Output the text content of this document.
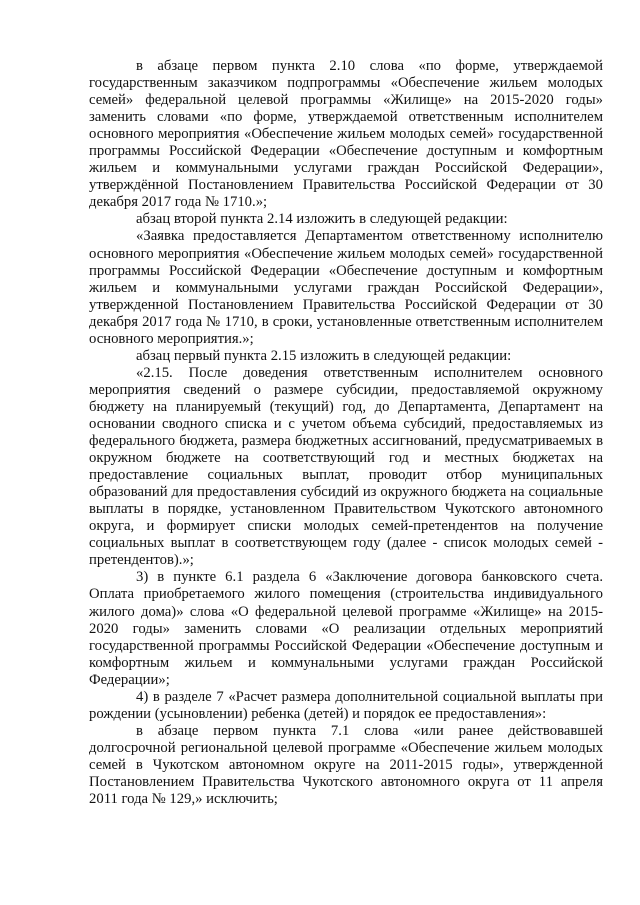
в абзаце первом пункта 2.10 слова «по форме, утверждаемой государственным заказчиком подпрограммы «Обеспечение жильем молодых семей» федеральной целевой программы «Жилище» на 2015-2020 годы» заменить словами «по форме, утверждаемой ответственным исполнителем основного мероприятия «Обеспечение жильем молодых семей» государственной программы Российской Федерации «Обеспечение доступным и комфортным жильем и коммунальными услугами граждан Российской Федерации», утверждённой Постановлением Правительства Российской Федерации от 30 декабря 2017 года № 1710.»;

абзац второй пункта 2.14 изложить в следующей редакции:

«Заявка предоставляется Департаментом ответственному исполнителю основного мероприятия «Обеспечение жильем молодых семей» государственной программы Российской Федерации «Обеспечение доступным и комфортным жильем и коммунальными услугами граждан Российской Федерации», утвержденной Постановлением Правительства Российской Федерации от 30 декабря 2017 года № 1710, в сроки, установленные ответственным исполнителем основного мероприятия.»;

абзац первый пункта 2.15 изложить в следующей редакции:

«2.15. После доведения ответственным исполнителем основного мероприятия сведений о размере субсидии, предоставляемой окружному бюджету на планируемый (текущий) год, до Департамента, Департамент на основании сводного списка и с учетом объема субсидий, предоставляемых из федерального бюджета, размера бюджетных ассигнований, предусматриваемых в окружном бюджете на соответствующий год и местных бюджетах на предоставление социальных выплат, проводит отбор муниципальных образований для предоставления субсидий из окружного бюджета на социальные выплаты в порядке, установленном Правительством Чукотского автономного округа, и формирует списки молодых семей-претендентов на получение социальных выплат в соответствующем году (далее - список молодых семей - претендентов).»;

3) в пункте 6.1 раздела 6 «Заключение договора банковского счета. Оплата приобретаемого жилого помещения (строительства индивидуального жилого дома)» слова «О федеральной целевой программе «Жилище» на 2015-2020 годы» заменить словами «О реализации отдельных мероприятий государственной программы Российской Федерации «Обеспечение доступным и комфортным жильем и коммунальными услугами граждан Российской Федерации»;

4) в разделе 7 «Расчет размера дополнительной социальной выплаты при рождении (усыновлении) ребенка (детей) и порядок ее предоставления»:

в абзаце первом пункта 7.1 слова «или ранее действовавшей долгосрочной региональной целевой программе «Обеспечение жильем молодых семей в Чукотском автономном округе на 2011-2015 годы», утвержденной Постановлением Правительства Чукотского автономного округа от 11 апреля 2011 года № 129,» исключить;
